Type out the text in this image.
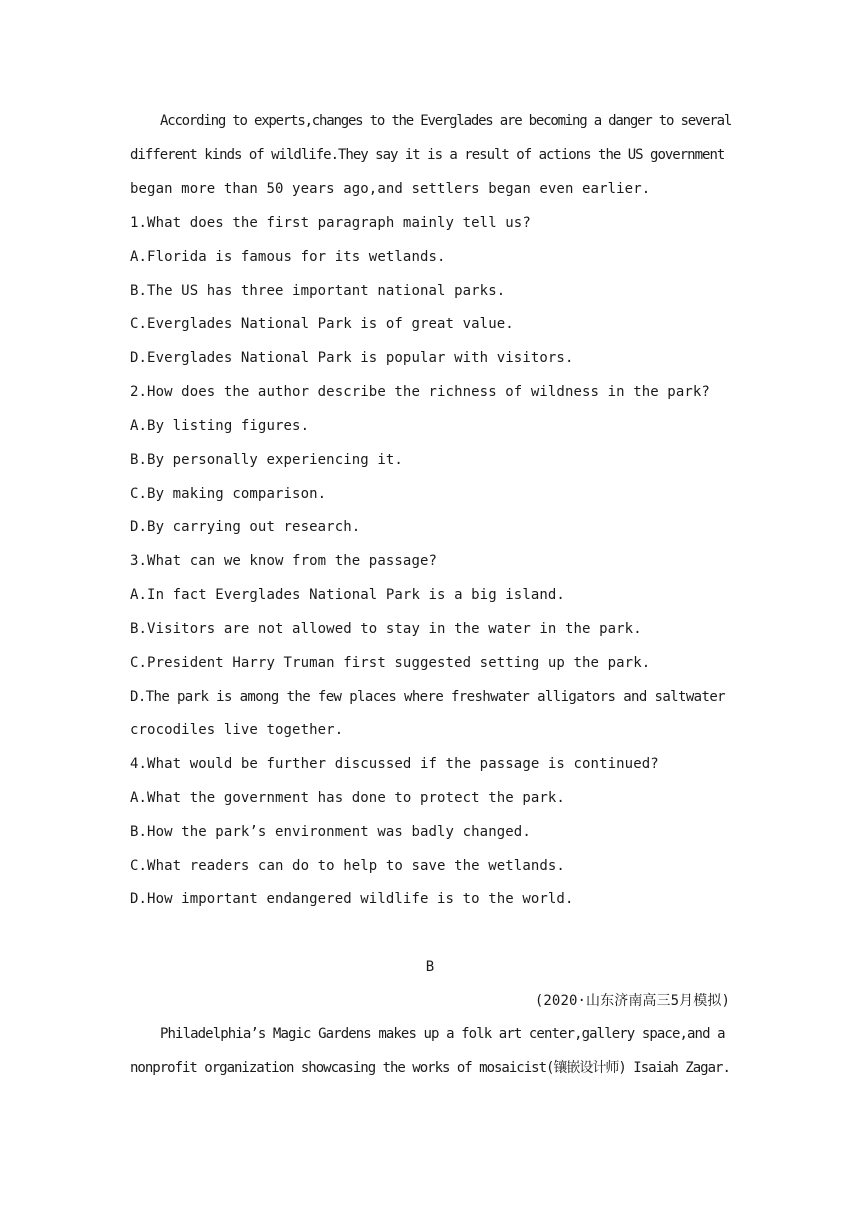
According to experts,changes to the Everglades are becoming a danger to several
different kinds of wildlife.They say it is a result of actions the US government
began more than 50 years ago,and settlers began even earlier.
1.What does the first paragraph mainly tell us?
A.Florida is famous for its wetlands.
B.The US has three important national parks.
C.Everglades National Park is of great value.
D.Everglades National Park is popular with visitors.
2.How does the author describe the richness of wildness in the park?
A.By listing figures.
B.By personally experiencing it.
C.By making comparison.
D.By carrying out research.
3.What can we know from the passage?
A.In fact Everglades National Park is a big island.
B.Visitors are not allowed to stay in the water in the park.
C.President Harry Truman first suggested setting up the park.
D.The park is among the few places where freshwater alligators and saltwater
crocodiles live together.
4.What would be further discussed if the passage is continued?
A.What the government has done to protect the park.
B.How the park’s environment was badly changed.
C.What readers can do to help to save the wetlands.
D.How important endangered wildlife is to the world.
B
(2020·山东济南高三5月模拟)
Philadelphia’s Magic Gardens makes up a folk art center,gallery space,and a
nonprofit organization showcasing the works of mosaicist(镶嵌设计师) Isaiah Zagar.
